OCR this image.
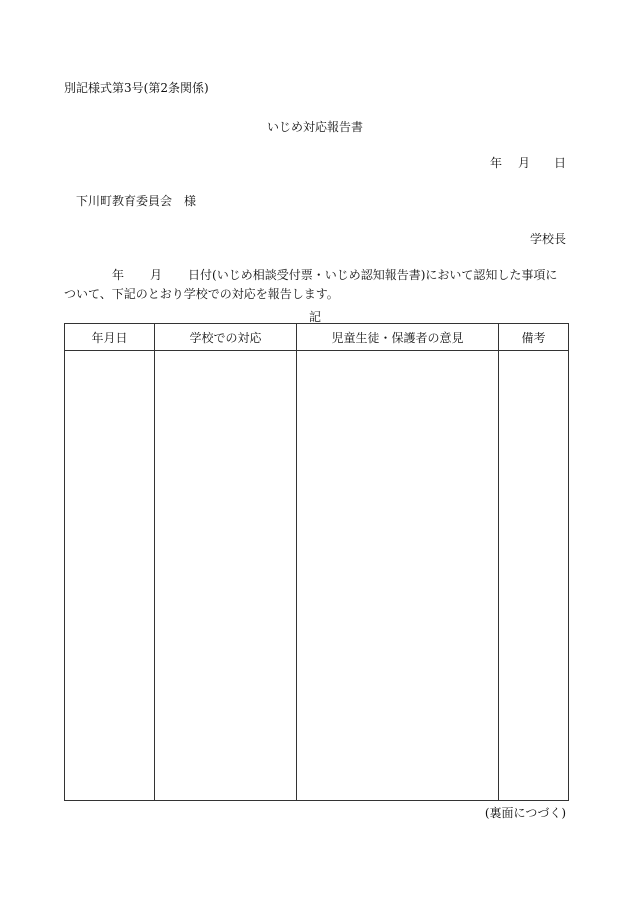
別記様式第3号(第2条関係)
いじめ対応報告書
年 月 日
下川町教育委員会　様
学校長
年 月 日付(いじめ相談受付票・いじめ認知報告書)において認知した事項について、下記のとおり学校での対応を報告します。
記
年月日	学校での対応	児童生徒・保護者の意見	備考

(裏面につづく)
